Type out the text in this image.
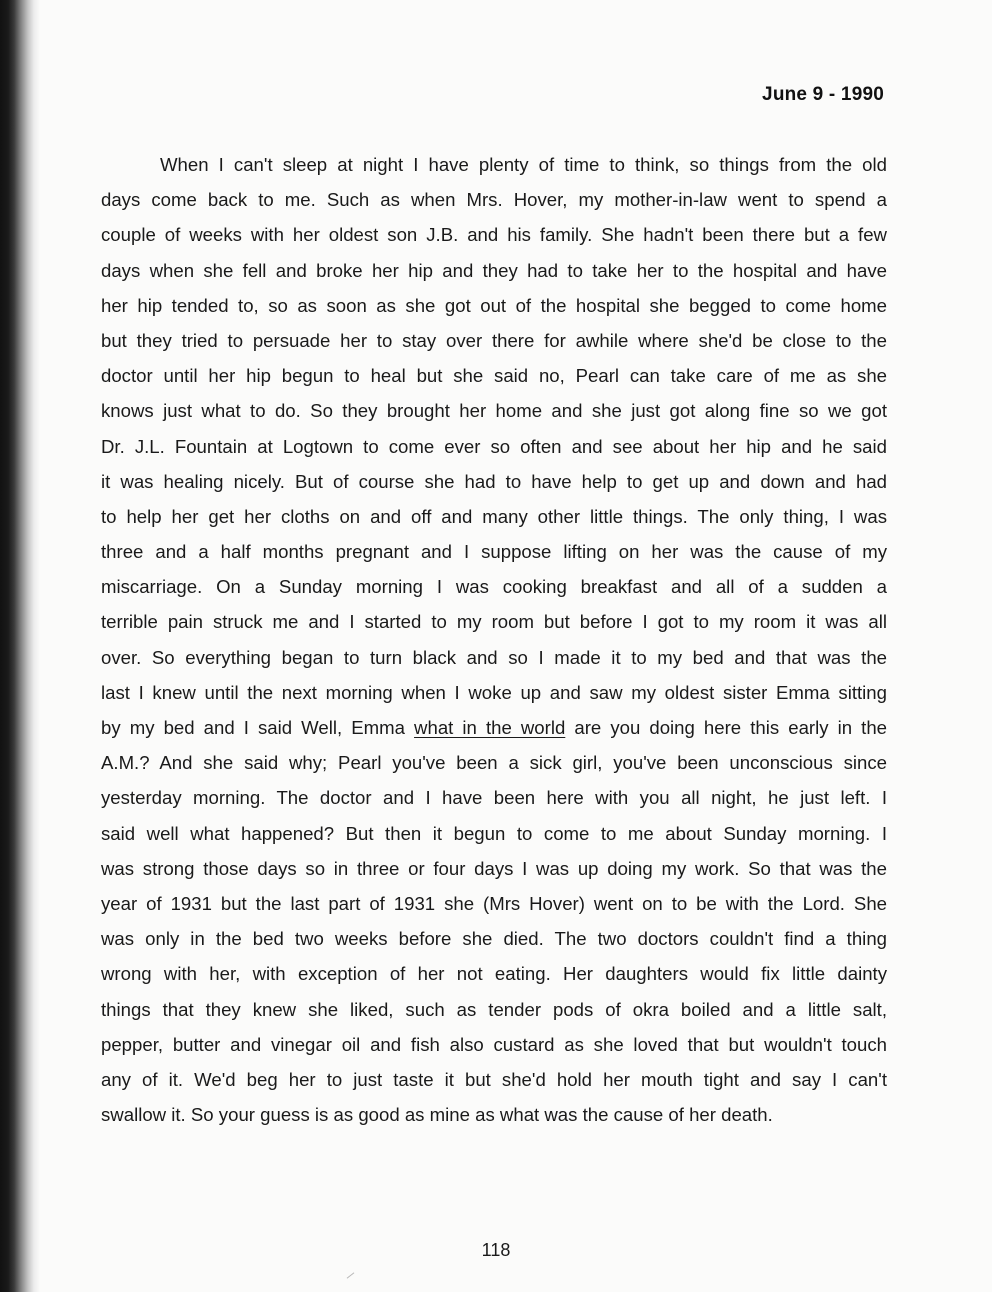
June 9 - 1990
When I can't sleep at night I have plenty of time to think, so things from the old
days come back to me. Such as when Mrs. Hover, my mother-in-law went to spend a
couple of weeks with her oldest son J.B. and his family. She hadn't been there but a few
days when she fell and broke her hip and they had to take her to the hospital and have
her hip tended to, so as soon as she got out of the hospital she begged to come home
but they tried to persuade her to stay over there for awhile where she'd be close to the
doctor until her hip begun to heal but she said no, Pearl can take care of me as she
knows just what to do. So they brought her home and she just got along fine so we got
Dr. J.L. Fountain at Logtown to come ever so often and see about her hip and he said
it was healing nicely. But of course she had to have help to get up and down and had
to help her get her cloths on and off and many other little things. The only thing, I was
three and a half months pregnant and I suppose lifting on her was the cause of my
miscarriage. On a Sunday morning I was cooking breakfast and all of a sudden a
terrible pain struck me and I started to my room but before I got to my room it was all
over. So everything began to turn black and so I made it to my bed and that was the
last I knew until the next morning when I woke up and saw my oldest sister Emma sitting
by my bed and I said Well, Emma what in the world are you doing here this early in the
A.M.? And she said why; Pearl you've been a sick girl, you've been unconscious since
yesterday morning. The doctor and I have been here with you all night, he just left. I
said well what happened? But then it begun to come to me about Sunday morning. I
was strong those days so in three or four days I was up doing my work. So that was the
year of 1931 but the last part of 1931 she (Mrs Hover) went on to be with the Lord. She
was only in the bed two weeks before she died. The two doctors couldn't find a thing
wrong with her, with exception of her not eating. Her daughters would fix little dainty
things that they knew she liked, such as tender pods of okra boiled and a little salt,
pepper, butter and vinegar oil and fish also custard as she loved that but wouldn't touch
any of it. We'd beg her to just taste it but she'd hold her mouth tight and say I can't
swallow it. So your guess is as good as mine as what was the cause of her death.
118
